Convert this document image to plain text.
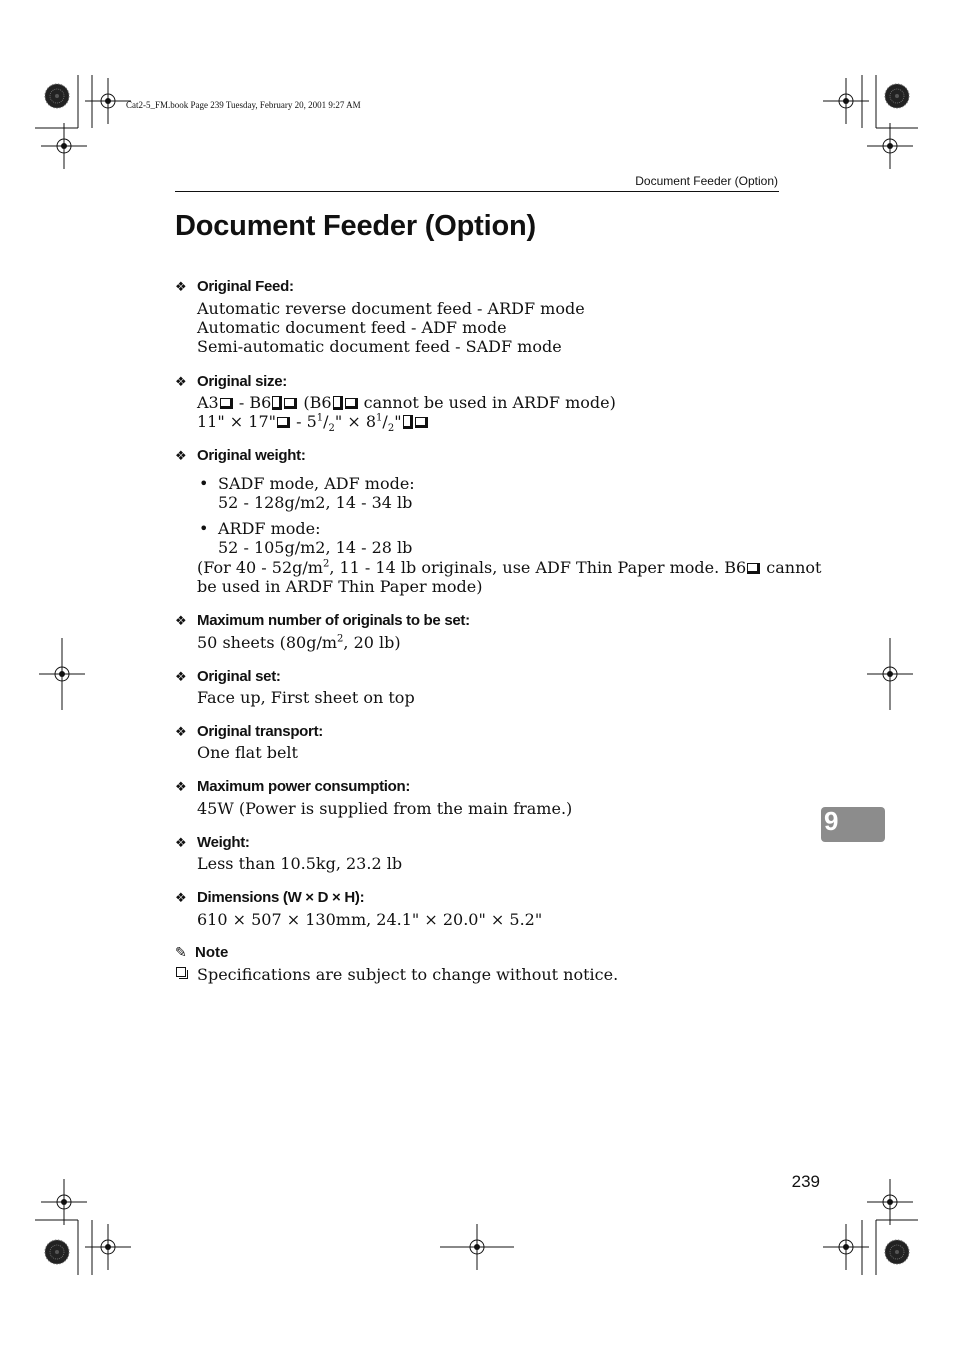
Cat2-5_FM.book Page 239 Tuesday, February 20, 2001 9:27 AM
Document Feeder (Option)
Document Feeder (Option)
❖ Original Feed:
Automatic reverse document feed - ARDF mode
Automatic document feed - ADF mode
Semi-automatic document feed - SADF mode
❖ Original size:
A3 - B6 (B6 cannot be used in ARDF mode)
11" × 17" - $5^1/_2$" × $8^1/_2$"
❖ Original weight:
• SADF mode, ADF mode:
52 - 128g/m2, 14 - 34 lb
• ARDF mode:
52 - 105g/m2, 14 - 28 lb
(For $40 - 52g/m^2$, 11 - 14 lb originals, use ADF Thin Paper mode. B6 cannot
be used in ARDF Thin Paper mode)
❖ Maximum number of originals to be set:
50 sheets ($80g/m^2$, 20 lb)
❖ Original set:
Face up, First sheet on top
❖ Original transport:
One flat belt
❖ Maximum power consumption:
45W (Power is supplied from the main frame.)
❖ Weight:
Less than 10.5kg, 23.2 lb
❖ Dimensions (W × D × H):
610 × 507 × 130mm, 24.1" × 20.0" × 5.2"
✎ Note
Specifications are subject to change without notice.
9
239
